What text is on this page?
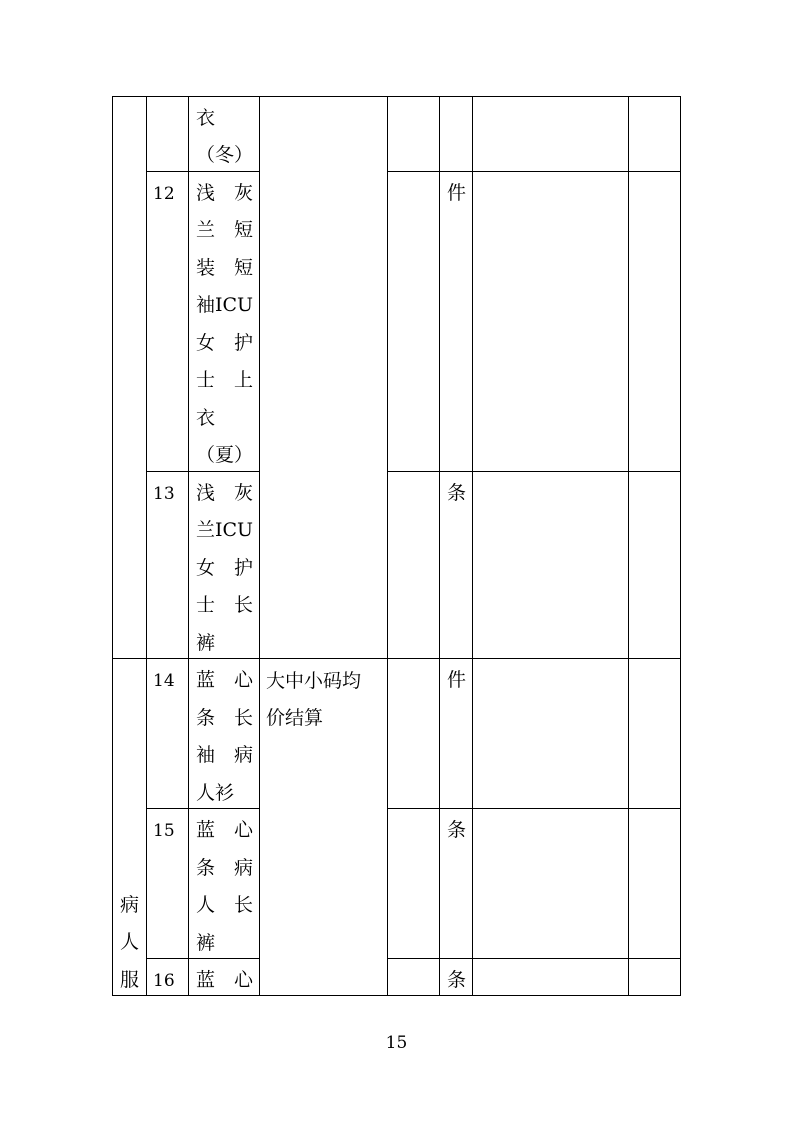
衣
（冬）
12 浅　灰
兰　短
装　短
袖ICU
女　护
士　上
衣
（夏）
件
13 浅　灰
兰ICU
女　护
士　长
裤
条
病
人
服
大中小码均
价结算
14 蓝　心
条　长
袖　病
人衫
件
15 蓝　心
条　病
人　长
裤
条
16 蓝　心	条
15
